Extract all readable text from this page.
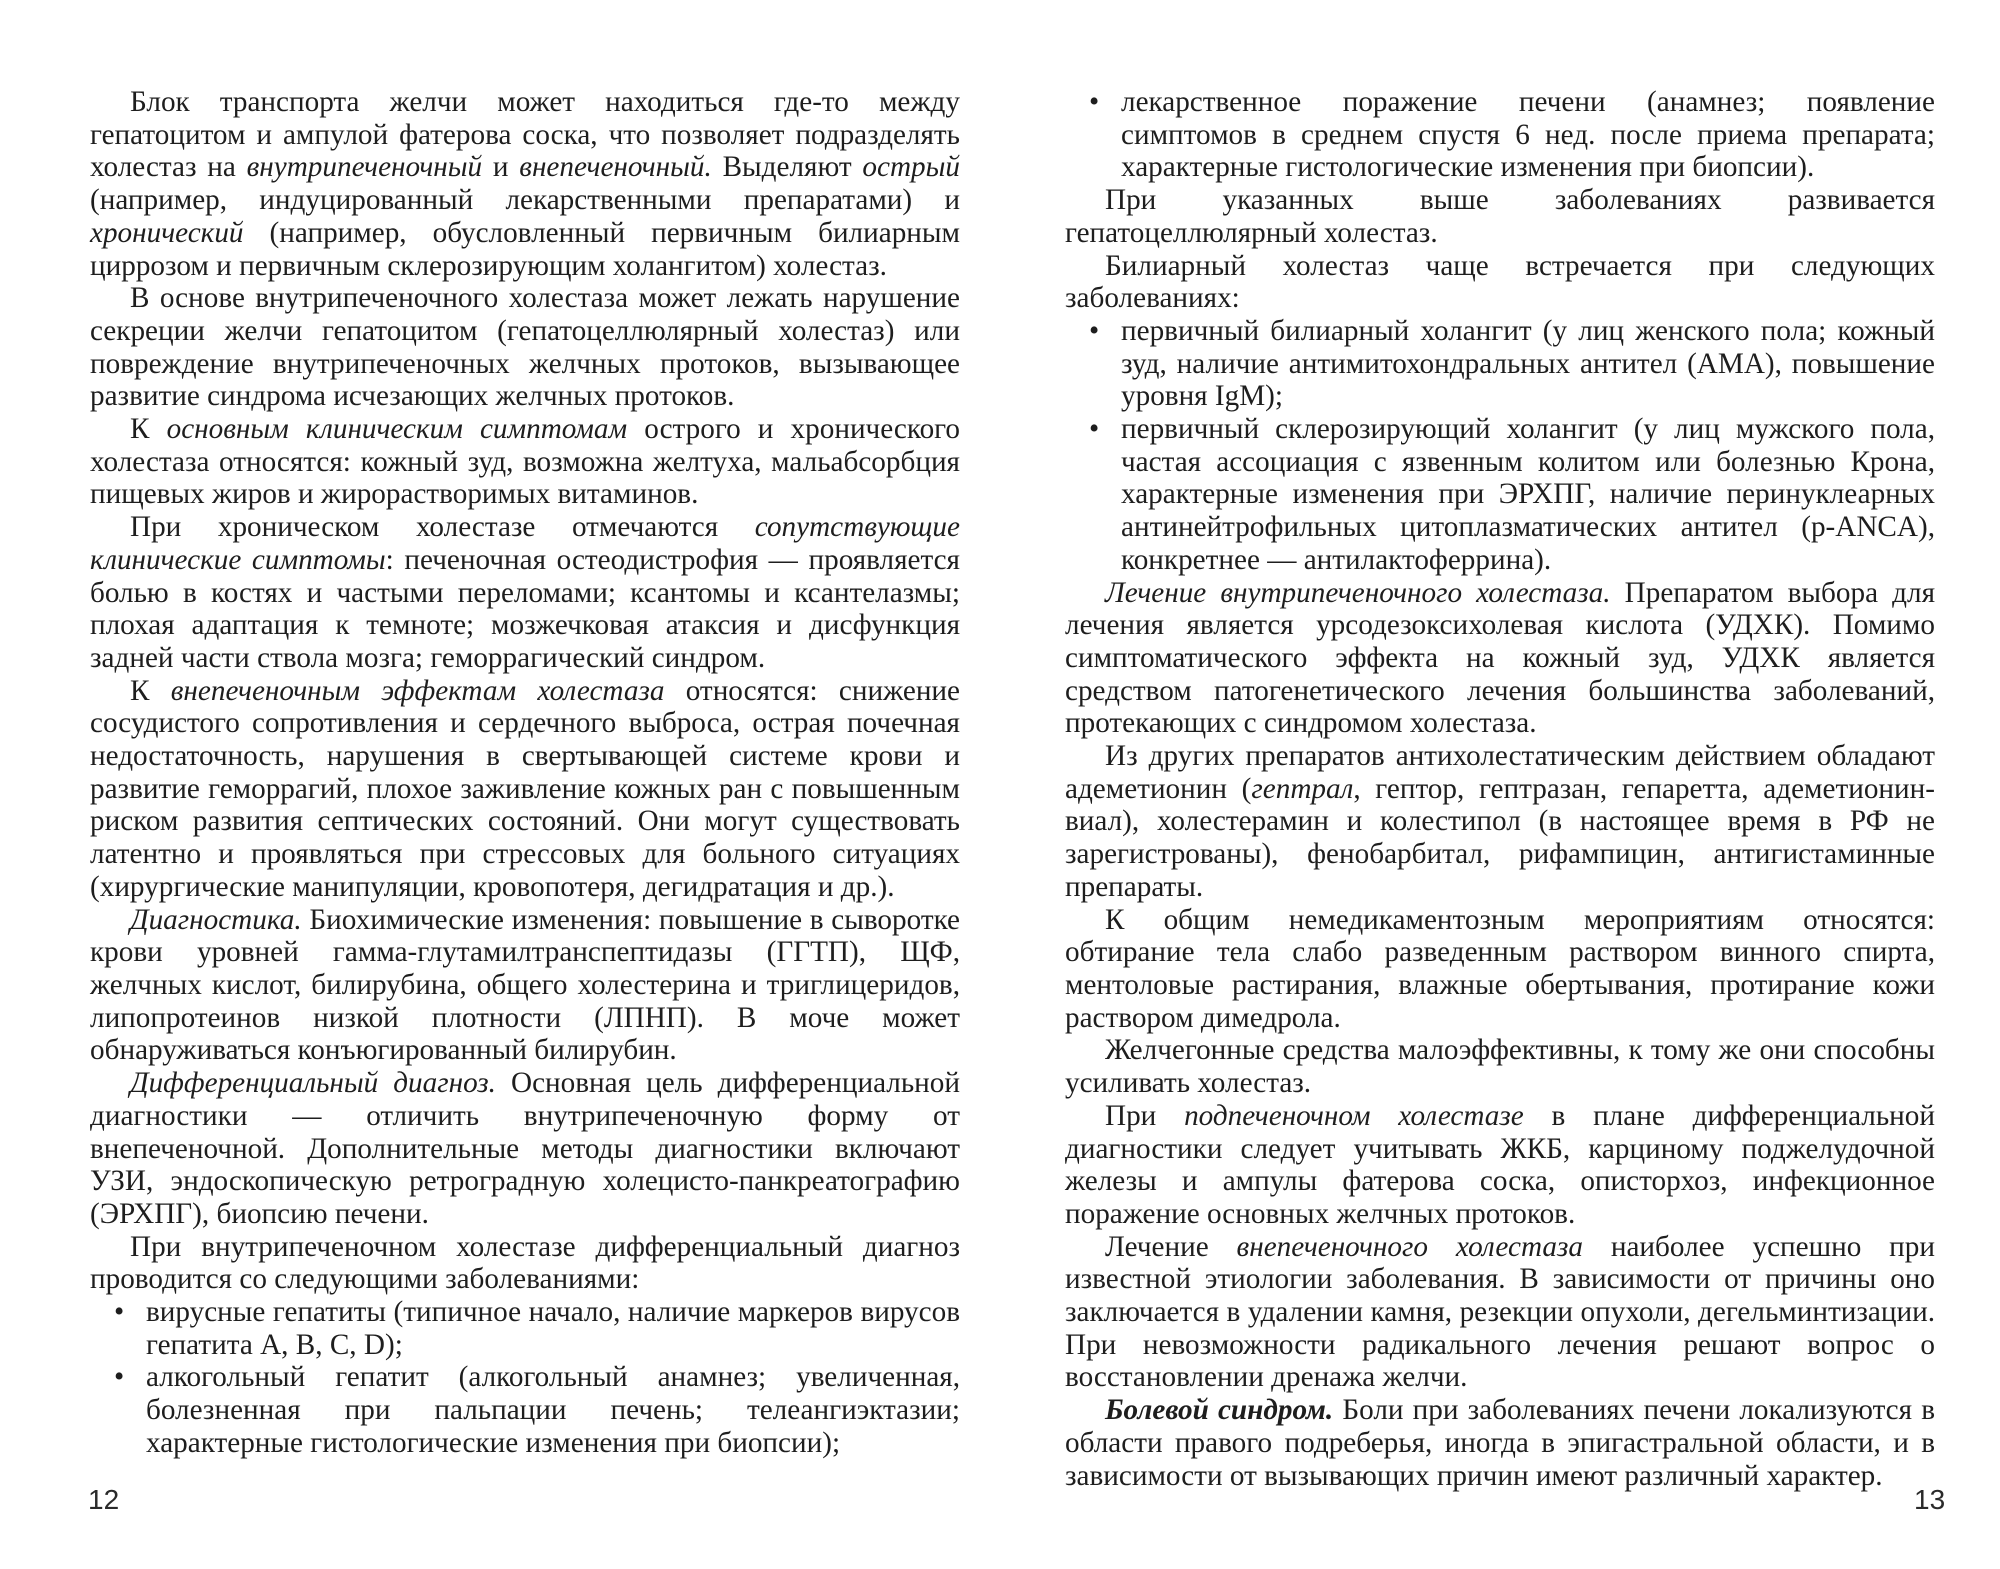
Блок транспорта желчи может находиться где-то между гепатоцитом и ампулой фатерова соска, что позволяет подразделять холестаз на внутрипеченочный и внепеченочный. Выделяют острый (например, индуцированный лекарственными препаратами) и хронический (например, обусловленный первичным билиарным циррозом и первичным склерозирующим холангитом) холестаз.

В основе внутрипеченочного холестаза может лежать нарушение секреции желчи гепатоцитом (гепатоцеллюлярный холестаз) или повреждение внутрипеченочных желчных протоков, вызывающее развитие синдрома исчезающих желчных протоков.

К основным клиническим симптомам острого и хронического холестаза относятся: кожный зуд, возможна желтуха, мальабсорбция пищевых жиров и жирорастворимых витаминов.

При хроническом холестазе отмечаются сопутствующие клинические симптомы: печеночная остеодистрофия — проявляется болью в костях и частыми переломами; ксантомы и ксантелазмы; плохая адаптация к темноте; мозжечковая атаксия и дисфункция задней части ствола мозга; геморрагический синдром.

К внепеченочным эффектам холестаза относятся: снижение сосудистого сопротивления и сердечного выброса, острая почечная недостаточность, нарушения в свертывающей системе крови и развитие геморрагий, плохое заживление кожных ран с повышенным риском развития септических состояний. Они могут существовать латентно и проявляться при стрессовых для больного ситуациях (хирургические манипуляции, кровопотеря, дегидратация и др.).

Диагностика. Биохимические изменения: повышение в сыворотке крови уровней гамма-глутамилтранспептидазы (ГГТП), ЩФ, желчных кислот, билирубина, общего холестерина и триглицеридов, липопротеинов низкой плотности (ЛПНП). В моче может обнаруживаться конъюгированный билирубин.

Дифференциальный диагноз. Основная цель дифференциальной диагностики — отличить внутрипеченочную форму от внепеченочной. Дополнительные методы диагностики включают УЗИ, эндоскопическую ретроградную холецисто-панкреатографию (ЭРХПГ), биопсию печени.

При внутрипеченочном холестазе дифференциальный диагноз проводится со следующими заболеваниями:

• вирусные гепатиты (типичное начало, наличие маркеров вирусов гепатита A, B, C, D);
• алкогольный гепатит (алкогольный анамнез; увеличенная, болезненная при пальпации печень; телеангиэктазии; характерные гистологические изменения при биопсии);
• лекарственное поражение печени (анамнез; появление симптомов в среднем спустя 6 нед. после приема препарата; характерные гистологические изменения при биопсии).

При указанных выше заболеваниях развивается гепатоцеллюлярный холестаз.

Билиарный холестаз чаще встречается при следующих заболеваниях:

• первичный билиарный холангит (у лиц женского пола; кожный зуд, наличие антимитохондральных антител (АМА), повышение уровня IgM);
• первичный склерозирующий холангит (у лиц мужского пола, частая ассоциация с язвенным колитом или болезнью Крона, характерные изменения при ЭРХПГ, наличие перинуклеарных антинейтрофильных цитоплазматических антител (p-ANCA), конкретнее — антилактоферрина).

Лечение внутрипеченочного холестаза. Препаратом выбора для лечения является урсодезоксихолевая кислота (УДХК). Помимо симптоматического эффекта на кожный зуд, УДХК является средством патогенетического лечения большинства заболеваний, протекающих с синдромом холестаза.

Из других препаратов антихолестатическим действием обладают адеметионин (гептрал, гептор, гептразан, гепаретта, адеметионин-виал), холестерамин и колестипол (в настоящее время в РФ не зарегистрованы), фенобарбитал, рифампицин, антигистаминные препараты.

К общим немедикаментозным мероприятиям относятся: обтирание тела слабо разведенным раствором винного спирта, ментоловые растирания, влажные обертывания, протирание кожи раствором димедрола.

Желчегонные средства малоэффективны, к тому же они способны усиливать холестаз.

При подпеченочном холестазе в плане дифференциальной диагностики следует учитывать ЖКБ, карциному поджелудочной железы и ампулы фатерова соска, описторхоз, инфекционное поражение основных желчных протоков.

Лечение внепеченочного холестаза наиболее успешно при известной этиологии заболевания. В зависимости от причины оно заключается в удалении камня, резекции опухоли, дегельминтизации. При невозможности радикального лечения решают вопрос о восстановлении дренажа желчи.

Болевой синдром. Боли при заболеваниях печени локализуются в области правого подреберья, иногда в эпигастральной области, и в зависимости от вызывающих причин имеют различный характер.

12	13
